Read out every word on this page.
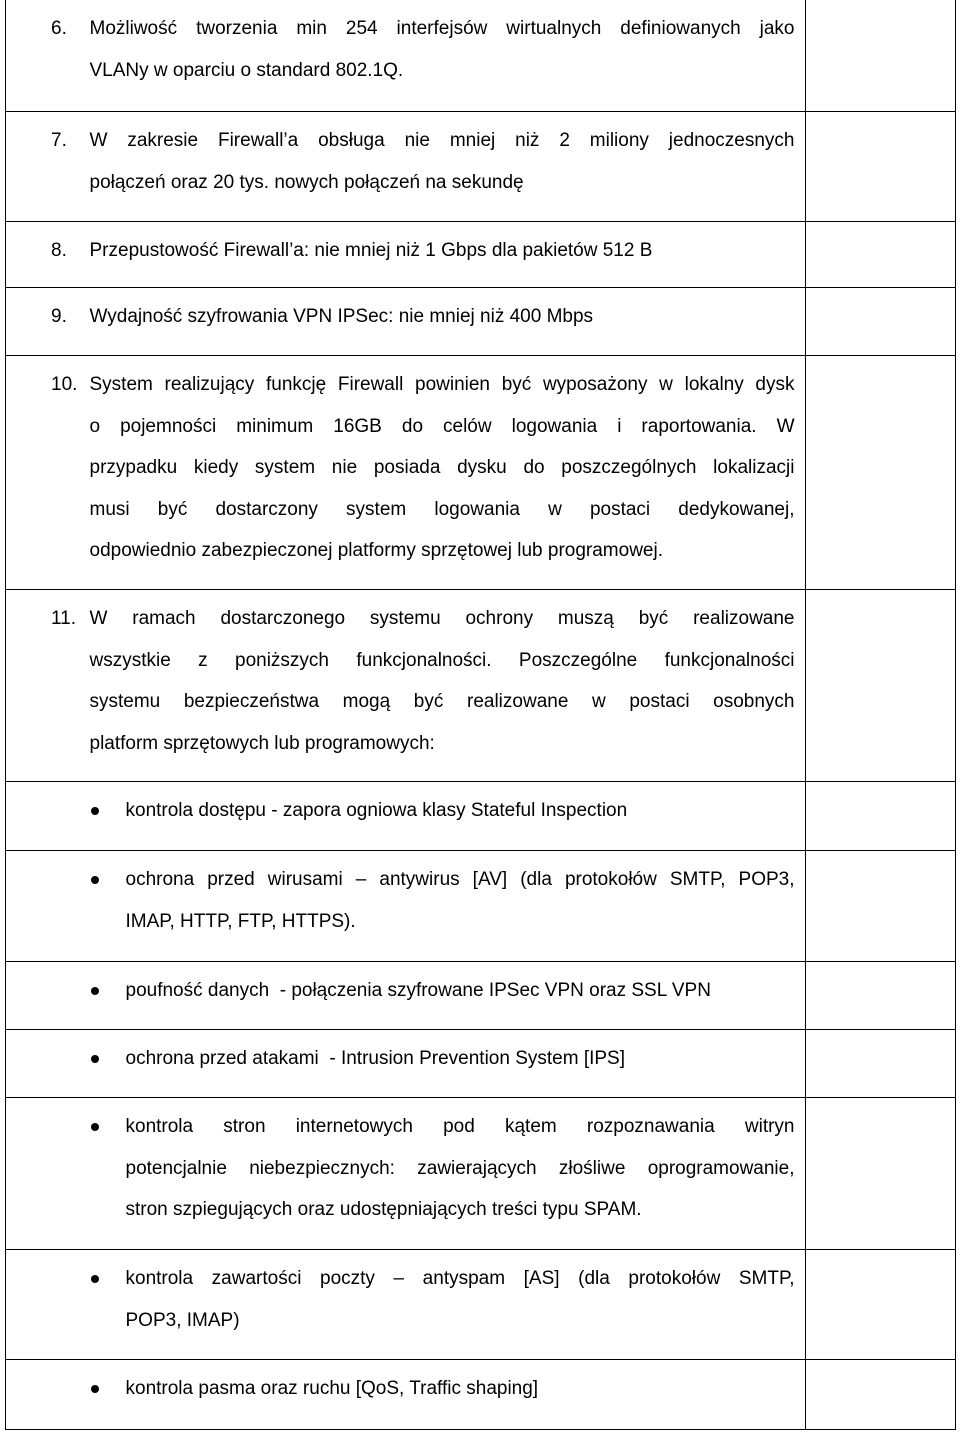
6. Możliwość tworzenia min 254 interfejsów wirtualnych definiowanych jako
VLANy w oparciu o standard 802.1Q.
7. W zakresie Firewall’a obsługa nie mniej niż 2 miliony jednoczesnych
połączeń oraz 20 tys. nowych połączeń na sekundę
8. Przepustowość Firewall’a: nie mniej niż 1 Gbps dla pakietów 512 B
9. Wydajność szyfrowania VPN IPSec: nie mniej niż 400 Mbps
10. System realizujący funkcję Firewall powinien być wyposażony w lokalny dysk
o pojemności minimum 16GB do celów logowania i raportowania. W
przypadku kiedy system nie posiada dysku do poszczególnych lokalizacji
musi być dostarczony system logowania w postaci dedykowanej,
odpowiednio zabezpieczonej platformy sprzętowej lub programowej.
11. W ramach dostarczonego systemu ochrony muszą być realizowane
wszystkie z poniższych funkcjonalności. Poszczególne funkcjonalności
systemu bezpieczeństwa mogą być realizowane w postaci osobnych
platform sprzętowych lub programowych:
kontrola dostępu - zapora ogniowa klasy Stateful Inspection
ochrona przed wirusami – antywirus [AV] (dla protokołów SMTP, POP3,
IMAP, HTTP, FTP, HTTPS).
poufność danych  - połączenia szyfrowane IPSec VPN oraz SSL VPN
ochrona przed atakami  - Intrusion Prevention System [IPS]
kontrola stron internetowych pod kątem rozpoznawania witryn
potencjalnie niebezpiecznych: zawierających złośliwe oprogramowanie,
stron szpiegujących oraz udostępniających treści typu SPAM.
kontrola zawartości poczty – antyspam [AS] (dla protokołów SMTP,
POP3, IMAP)
kontrola pasma oraz ruchu [QoS, Traffic shaping]
